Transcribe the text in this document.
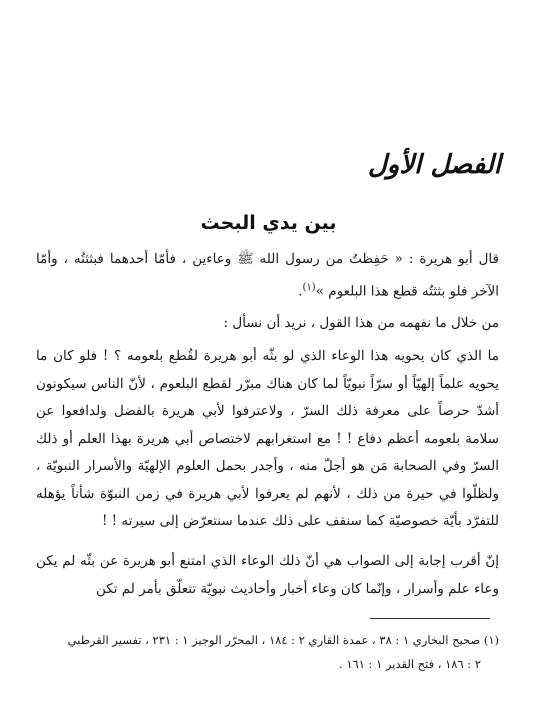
الفصل الأول
بين يدي البحث

قال أبو هريرة : « حَفِظتُ من رسول الله ﷺ وعاءين ، فأمّا أحدهما فبثثتُه ، وأمّا الآخر فلو بثثتُه قطع هذا البلعوم »$^{(١)}$.

من خلال ما نفهمه من هذا القول ، نريد أن نسأل :

ما الذي كان يحويه هذا الوعاء الذي لو بثّه أبو هريرة لقُطع بلعومه ؟ ! فلو كان ما يحويه علماً إلهيّاً أو سرّاً نبويّاً لما كان هناك مبرّر لقطع البلعوم ، لأنّ الناس سيكونون أشدّ حرصاً على معرفة ذلك السرّ ، ولاعترفوا لأبي هريرة بالفضل ولدافعوا عن سلامة بلعومه أعظم دفاع ! ! مع استغرابهم لاختصاص أبي هريرة بهذا العلم أو ذلك السرّ وفي الصحابة مَن هو أجلّ منه ، وأجدر بحمل العلوم الإلهيّة والأسرار النبويّة ، ولظلّوا في حيرة من ذلك ، لأنهم لم يعرفوا لأبي هريرة في زمن النبوّة شأناً يؤهله للتفرّد بأيّة خصوصيّة كما سنقف على ذلك عندما سنتعرّض إلى سيرته ! !

إنّ أقرب إجابة إلى الصواب هي أنّ ذلك الوعاء الذي امتنع أبو هريرة عن بثّه لم يكن وعاء علم وأسرار ، وإنّما كان وعاء أخبار وأحاديث نبويّة تتعلّق بأمر لم تكن

(١) صحيح البخاري ١ : ٣٨ ، عمدة القاري ٢ : ١٨٤ ، المحرّر الوجيز ١ : ٢٣١ ، تفسير القرطبي

٢ : ١٨٦ ، فتح القدير ١ : ١٦١ .
